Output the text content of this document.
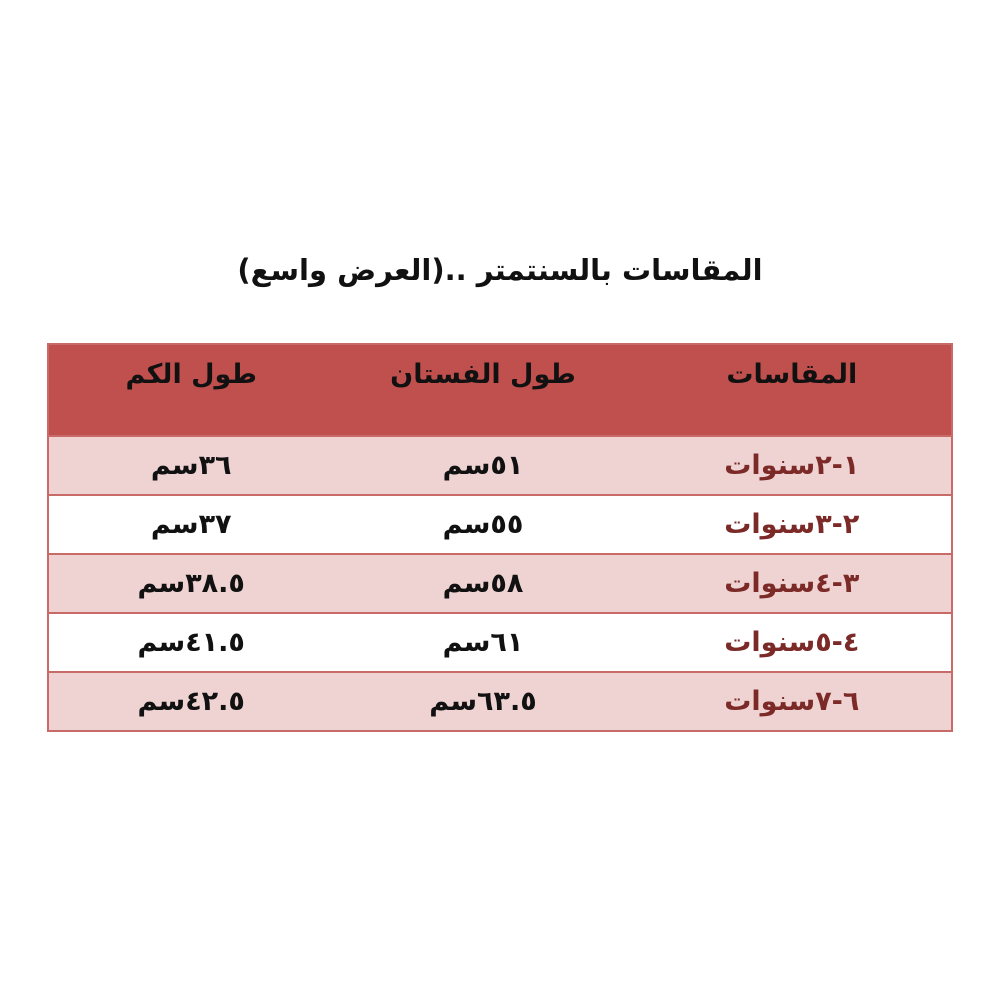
المقاسات بالسنتمتر ..(العرض واسع)
المقاسات	طول الفستان	طول الكم
١-٢سنوات	٥١سم	٣٦سم
٢-٣سنوات	٥٥سم	٣٧سم
٣-٤سنوات	٥٨سم	٣٨.٥سم
٤-٥سنوات	٦١سم	٤١.٥سم
٦-٧سنوات	٦٣.٥سم	٤٢.٥سم
